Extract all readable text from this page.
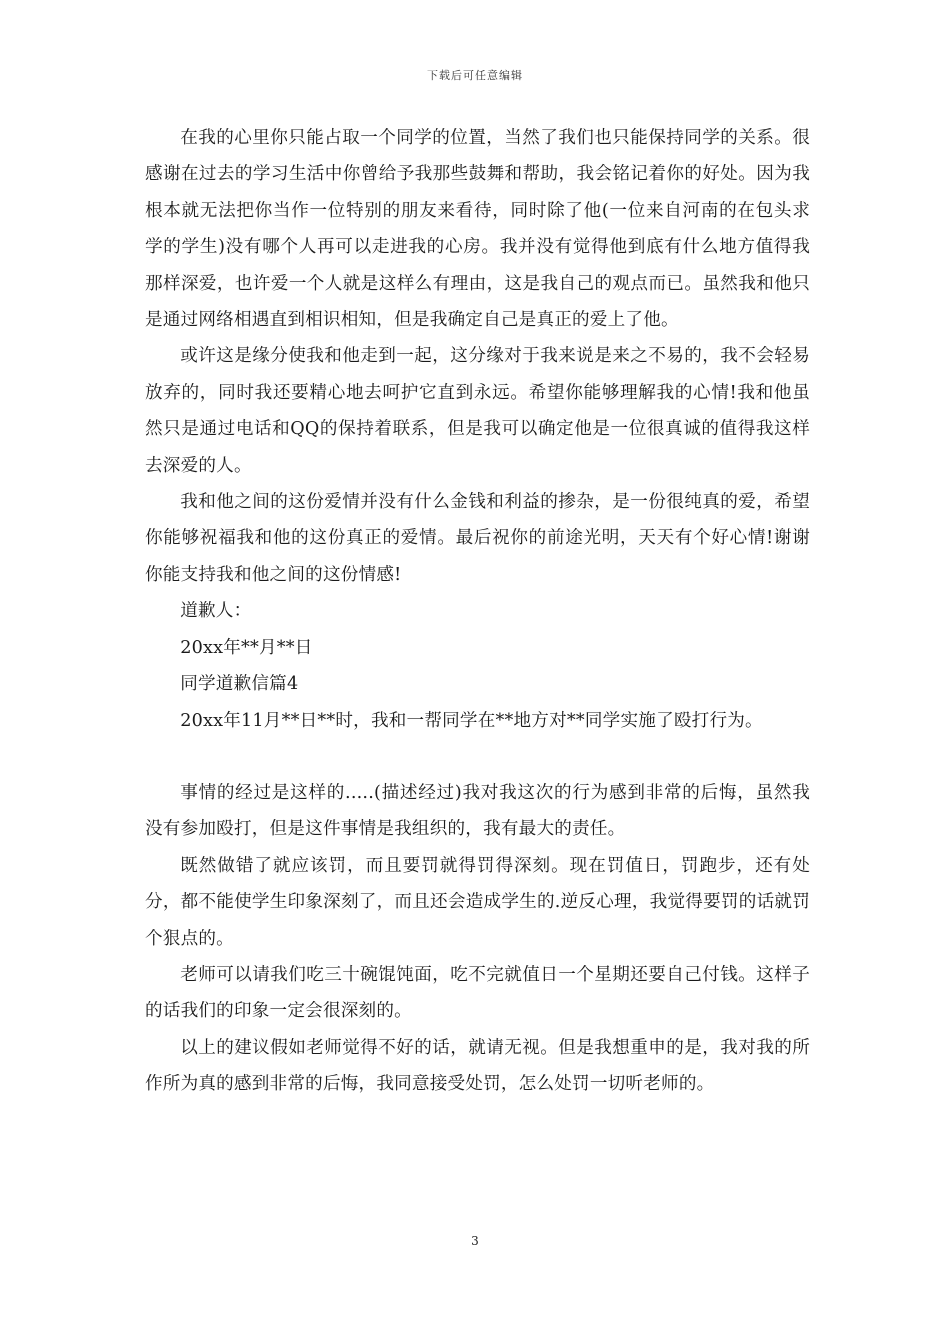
下载后可任意编辑

在我的心里你只能占取一个同学的位置，当然了我们也只能保持同学的关系。很感谢在过去的学习生活中你曾给予我那些鼓舞和帮助，我会铭记着你的好处。因为我根本就无法把你当作一位特别的朋友来看待，同时除了他(一位来自河南的在包头求学的学生)没有哪个人再可以走进我的心房。我并没有觉得他到底有什么地方值得我那样深爱，也许爱一个人就是这样么有理由，这是我自己的观点而已。虽然我和他只是通过网络相遇直到相识相知，但是我确定自己是真正的爱上了他。

或许这是缘分使我和他走到一起，这分缘对于我来说是来之不易的，我不会轻易放弃的，同时我还要精心地去呵护它直到永远。希望你能够理解我的心情!我和他虽然只是通过电话和QQ的保持着联系，但是我可以确定他是一位很真诚的值得我这样去深爱的人。

我和他之间的这份爱情并没有什么金钱和利益的掺杂，是一份很纯真的爱，希望你能够祝福我和他的这份真正的爱情。最后祝你的前途光明，天天有个好心情!谢谢你能支持我和他之间的这份情感!

道歉人：

20xx年**月**日

同学道歉信篇4

20xx年11月**日**时，我和一帮同学在**地方对**同学实施了殴打行为。

事情的经过是这样的.....(描述经过)我对我这次的行为感到非常的后悔，虽然我没有参加殴打，但是这件事情是我组织的，我有最大的责任。

既然做错了就应该罚，而且要罚就得罚得深刻。现在罚值日，罚跑步，还有处分，都不能使学生印象深刻了，而且还会造成学生的.逆反心理，我觉得要罚的话就罚个狠点的。

老师可以请我们吃三十碗馄饨面，吃不完就值日一个星期还要自己付钱。这样子的话我们的印象一定会很深刻的。

以上的建议假如老师觉得不好的话，就请无视。但是我想重申的是，我对我的所作所为真的感到非常的后悔，我同意接受处罚，怎么处罚一切听老师的。

3
